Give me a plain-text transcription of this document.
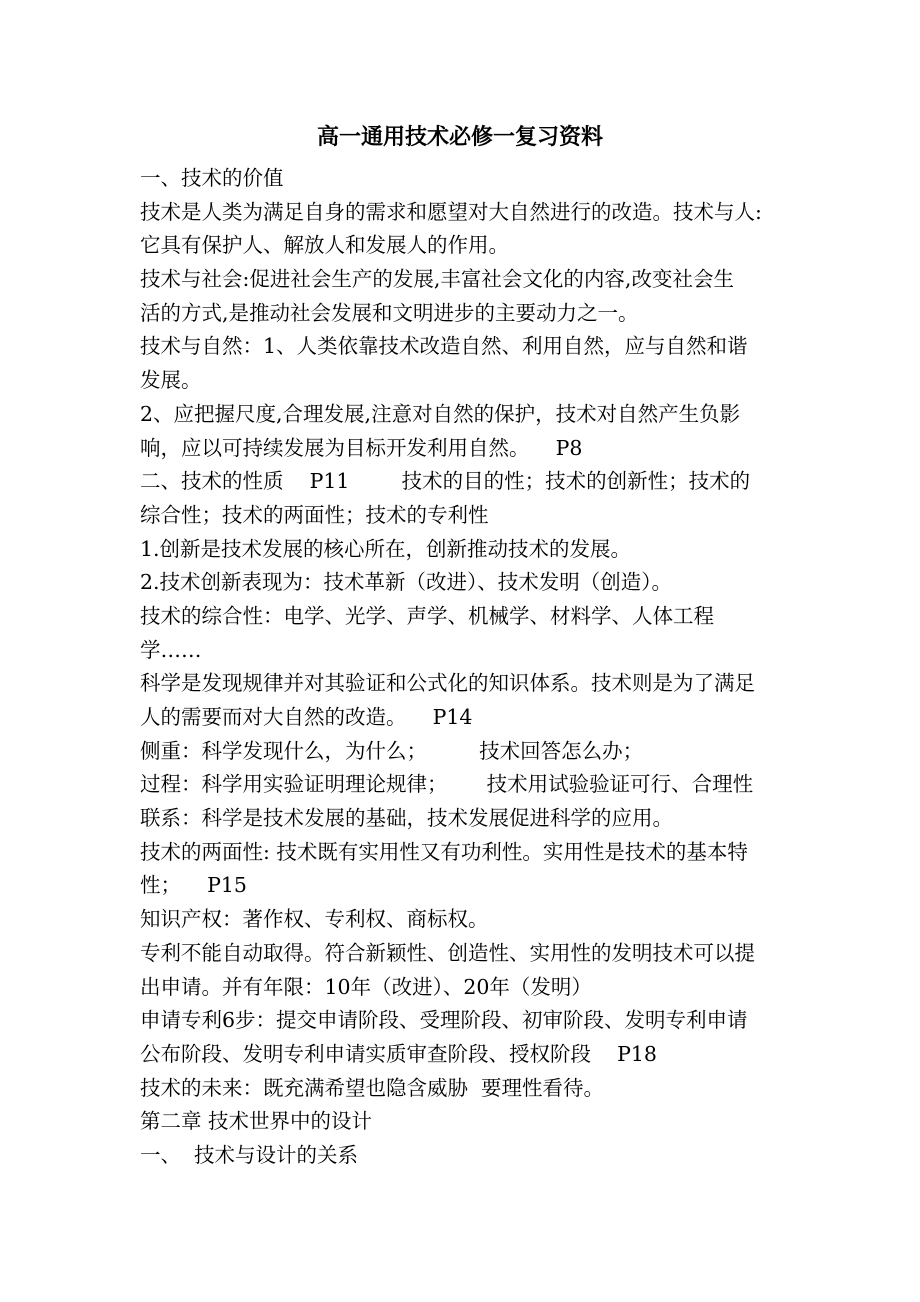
高一通用技术必修一复习资料
一、技术的价值
技术是人类为满足自身的需求和愿望对大自然进行的改造。技术与人:
它具有保护人、解放人和发展人的作用。
技术与社会:促进社会生产的发展,丰富社会文化的内容,改变社会生
活的方式,是推动社会发展和文明进步的主要动力之一。
技术与自然：1、人类依靠技术改造自然、利用自然，应与自然和谐
发展。
2、应把握尺度,合理发展,注意对自然的保护，技术对自然产生负影
响，应以可持续发展为目标开发利用自然。    P8
二、技术的性质    P11        技术的目的性；技术的创新性；技术的
综合性；技术的两面性；技术的专利性
1.创新是技术发展的核心所在，创新推动技术的发展。
2.技术创新表现为：技术革新（改进）、技术发明（创造）。
技术的综合性：电学、光学、声学、机械学、材料学、人体工程
学……
科学是发现规律并对其验证和公式化的知识体系。技术则是为了满足
人的需要而对大自然的改造。    P14
侧重：科学发现什么，为什么；        技术回答怎么办；
过程：科学用实验证明理论规律；      技术用试验验证可行、合理性
联系：科学是技术发展的基础，技术发展促进科学的应用。
技术的两面性: 技术既有实用性又有功利性。实用性是技术的基本特
性；    P15
知识产权：著作权、专利权、商标权。
专利不能自动取得。符合新颖性、创造性、实用性的发明技术可以提
出申请。并有年限：10年（改进）、20年（发明）
申请专利6步：提交申请阶段、受理阶段、初审阶段、发明专利申请
公布阶段、发明专利申请实质审查阶段、授权阶段    P18
技术的未来：既充满希望也隐含威胁  要理性看待。
第二章 技术世界中的设计
一、  技术与设计的关系
